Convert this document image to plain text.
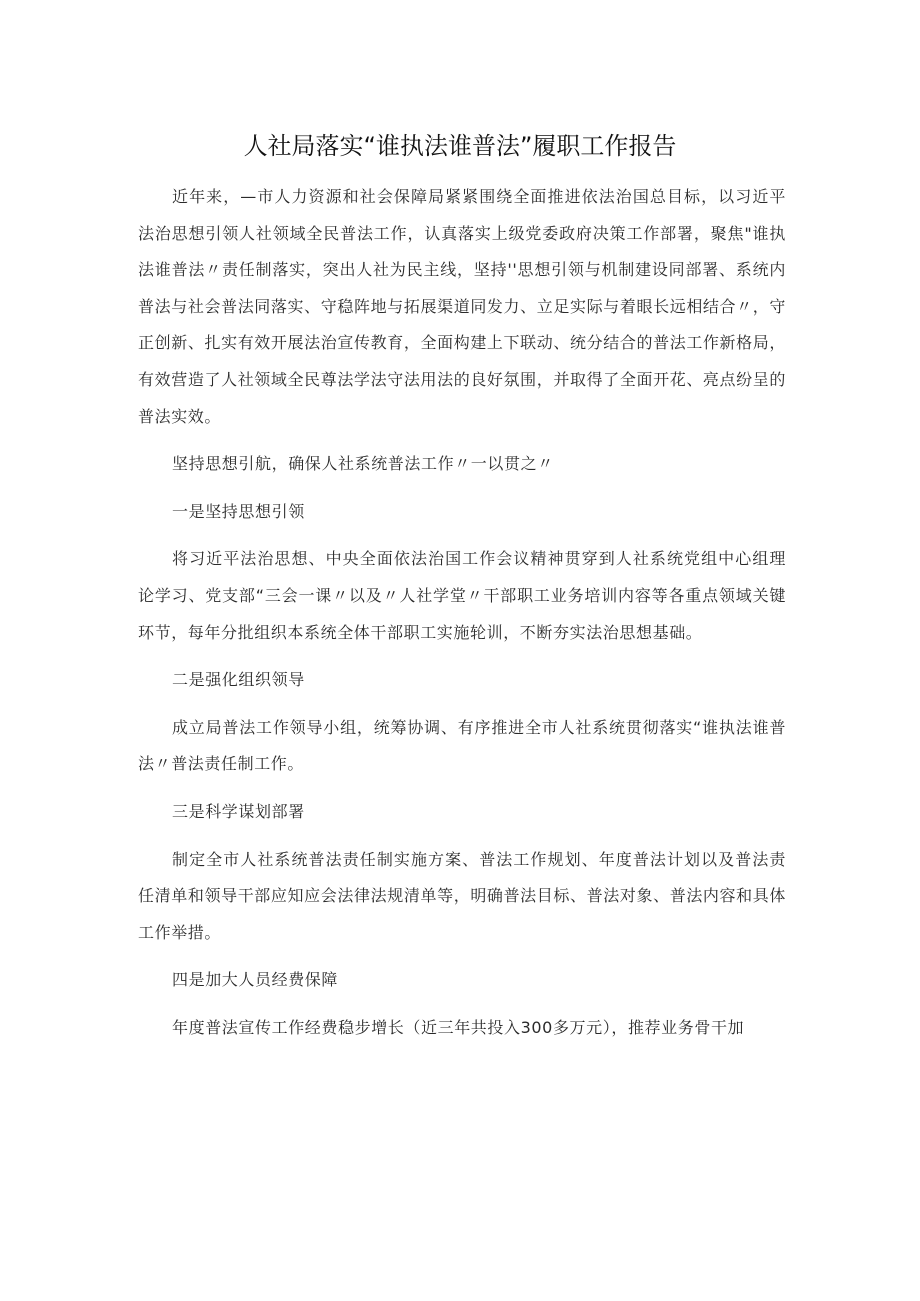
人社局落实“谁执法谁普法”履职工作报告

近年来，—市人力资源和社会保障局紧紧围绕全面推进依法治国总目标，以习近平法治思想引领人社领域全民普法工作，认真落实上级党委政府决策工作部署，聚焦"谁执法谁普法〃责任制落实，突出人社为民主线，坚持''思想引领与机制建设同部署、系统内普法与社会普法同落实、守稳阵地与拓展渠道同发力、立足实际与着眼长远相结合〃，守正创新、扎实有效开展法治宣传教育，全面构建上下联动、统分结合的普法工作新格局，有效营造了人社领域全民尊法学法守法用法的良好氛围，并取得了全面开花、亮点纷呈的普法实效。

坚持思想引航，确保人社系统普法工作〃一以贯之〃

一是坚持思想引领

将习近平法治思想、中央全面依法治国工作会议精神贯穿到人社系统党组中心组理论学习、党支部“三会一课〃以及〃人社学堂〃干部职工业务培训内容等各重点领域关键环节，每年分批组织本系统全体干部职工实施轮训，不断夯实法治思想基础。

二是强化组织领导

成立局普法工作领导小组，统筹协调、有序推进全市人社系统贯彻落实“谁执法谁普法〃普法责任制工作。

三是科学谋划部署

制定全市人社系统普法责任制实施方案、普法工作规划、年度普法计划以及普法责任清单和领导干部应知应会法律法规清单等，明确普法目标、普法对象、普法内容和具体工作举措。

四是加大人员经费保障

年度普法宣传工作经费稳步增长（近三年共投入300多万元），推荐业务骨干加
